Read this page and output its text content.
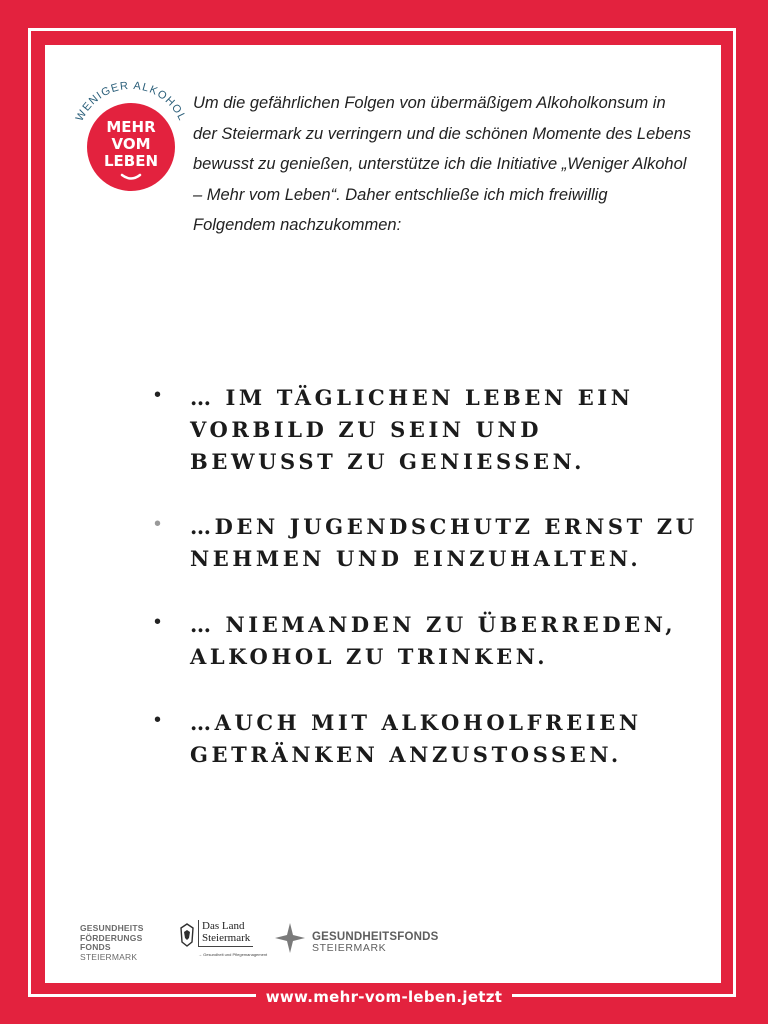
WENIGER ALKOHOL
MEHR
VOM
LEBEN

Um die gefährlichen Folgen von übermäßigem Alkoholkonsum in der Steiermark zu verringern und die schönen Momente des Lebens bewusst zu genießen, unterstütze ich die Initiative „Weniger Alkohol – Mehr vom Leben“. Daher entschließe ich mich freiwillig Folgendem nachzukommen:

• … IM TÄGLICHEN LEBEN EIN
VORBILD ZU SEIN UND
BEWUSST ZU GENIESSEN.
• …DEN JUGENDSCHUTZ ERNST ZU
NEHMEN UND EINZUHALTEN.
• … NIEMANDEN ZU ÜBERREDEN,
ALKOHOL ZU TRINKEN.
• …AUCH MIT ALKOHOLFREIEN
GETRÄNKEN ANZUSTOSSEN.
GESUNDHEITS
FÖRDERUNGS
FONDS
STEIERMARK
Das Land
Steiermark
→ Gesundheit und Pflegemanagement
GESUNDHEITSFONDS
STEIERMARK
www.mehr-vom-leben.jetzt
